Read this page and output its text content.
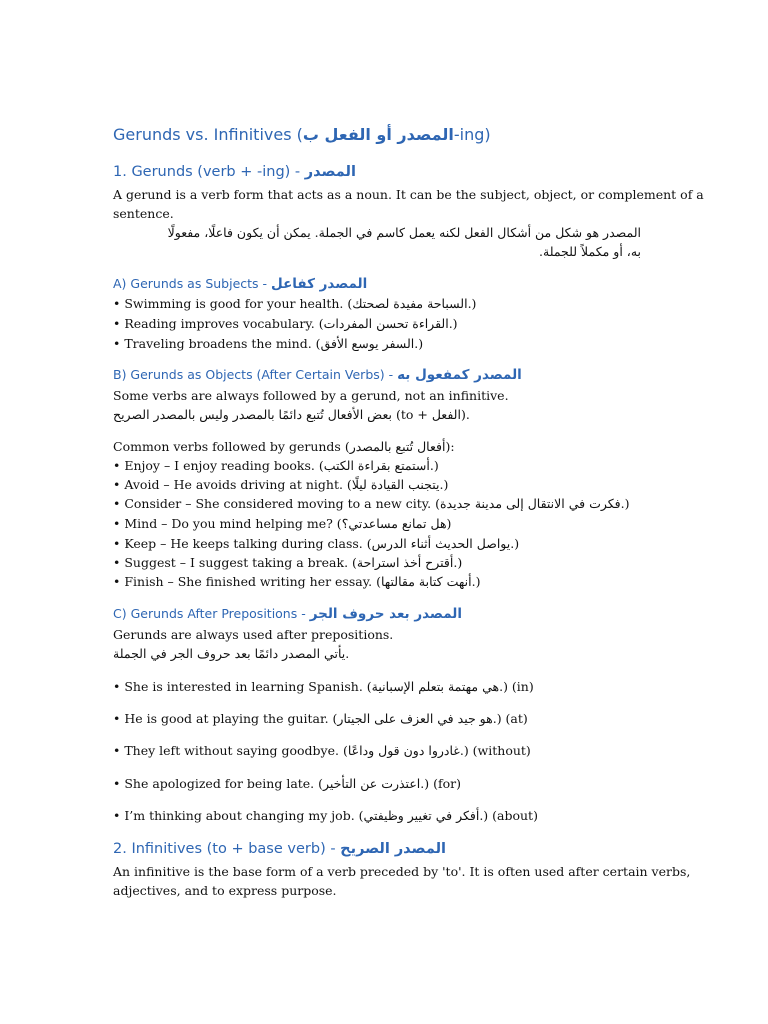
Gerunds vs. Infinitives (المصدر أو الفعل ب-ing)
1. Gerunds (verb + -ing) - المصدر
A gerund is a verb form that acts as a noun. It can be the subject, object, or complement of a
sentence.
المصدر هو شكل من أشكال الفعل لكنه يعمل كاسم في الجملة. يمكن أن يكون فاعلًا، مفعولًا
به، أو مكملاً للجملة.
A) Gerunds as Subjects - المصدر كفاعل
• Swimming is good for your health. (السباحة مفيدة لصحتك.)
• Reading improves vocabulary. (القراءة تحسن المفردات.)
• Traveling broadens the mind. (السفر يوسع الأفق.)
B) Gerunds as Objects (After Certain Verbs) - المصدر كمفعول به
Some verbs are always followed by a gerund, not an infinitive.
بعض الأفعال تُتبع دائمًا بالمصدر وليس بالمصدر الصريح (to + الفعل).
Common verbs followed by gerunds (أفعال تُتبع بالمصدر):
• Enjoy – I enjoy reading books. (أستمتع بقراءة الكتب.)
• Avoid – He avoids driving at night. (يتجنب القيادة ليلًا.)
• Consider – She considered moving to a new city. (فكرت في الانتقال إلى مدينة جديدة.)
• Mind – Do you mind helping me? (هل تمانع مساعدتي؟)
• Keep – He keeps talking during class. (يواصل الحديث أثناء الدرس.)
• Suggest – I suggest taking a break. (أقترح أخذ استراحة.)
• Finish – She finished writing her essay. (أنهت كتابة مقالتها.)
C) Gerunds After Prepositions - المصدر بعد حروف الجر
Gerunds are always used after prepositions.
يأتي المصدر دائمًا بعد حروف الجر في الجملة.
• She is interested in learning Spanish. (هي مهتمة بتعلم الإسبانية.) (in)
• He is good at playing the guitar. (هو جيد في العزف على الجيتار.) (at)
• They left without saying goodbye. (غادروا دون قول وداعًا.) (without)
• She apologized for being late. (اعتذرت عن التأخير.) (for)
• I’m thinking about changing my job. (أفكر في تغيير وظيفتي.) (about)
2. Infinitives (to + base verb) - المصدر الصريح
An infinitive is the base form of a verb preceded by 'to'. It is often used after certain verbs,
adjectives, and to express purpose.
